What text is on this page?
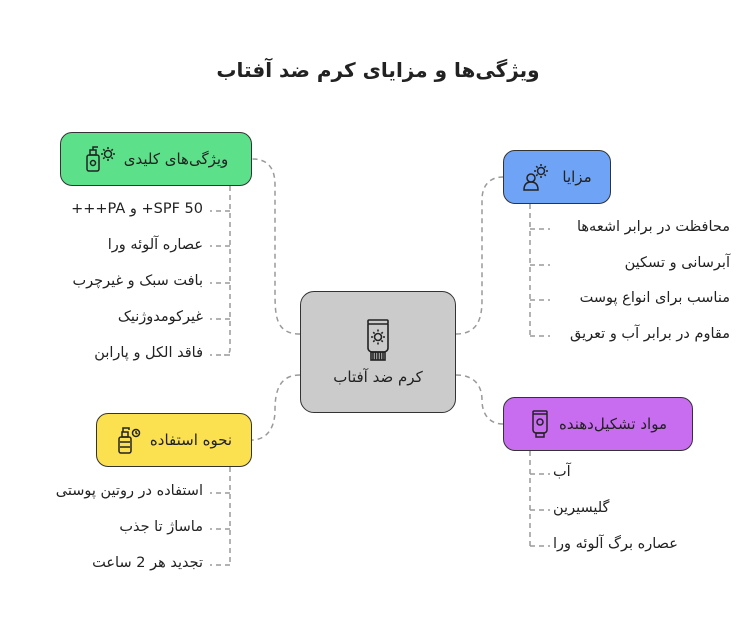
ویژگی‌ها و مزایای کرم ضد آفتاب
کرم ضد آفتاب
ویژگی‌های کلیدی
مزایا
نحوه استفاده
مواد تشکیل‌دهنده
SPF 50+ و PA+++
عصاره آلوئه ورا
بافت سبک و غیرچرب
غیرکومدوژنیک
فاقد الکل و پارابن
استفاده در روتین پوستی
ماساژ تا جذب
تجدید هر 2 ساعت
محافظت در برابر اشعه‌ها
آبرسانی و تسکین
مناسب برای انواع پوست
مقاوم در برابر آب و تعریق
آب
گلیسیرین
عصاره برگ آلوئه ورا
